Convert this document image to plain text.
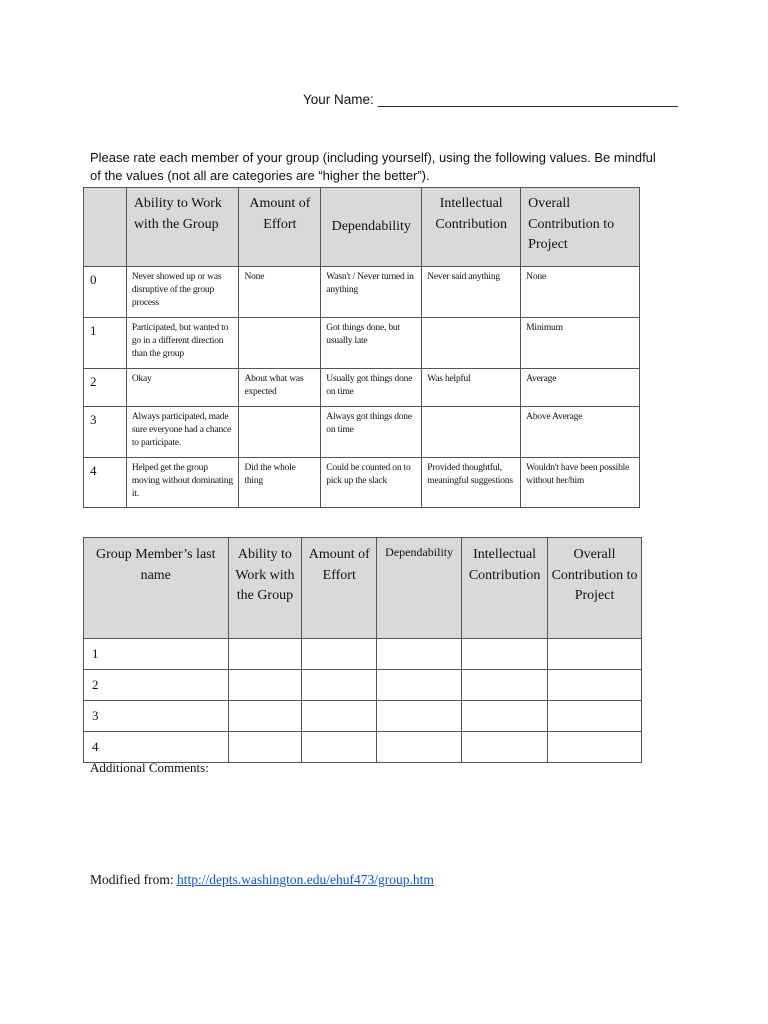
Your Name: ________________________________________
Please rate each member of your group (including yourself), using the following values. Be mindful of the values (not all are categories are “higher the better”).
	Ability to Work with the Group	Amount of Effort	Dependability	Intellectual Contribution	Overall Contribution to Project
0	Never showed up or was disruptive of the group process	None	Wasn't / Never turned in anything	Never said anything	None
1	Participated, but wanted to go in a different direction than the group		Got things done, but usually late		Minimum
2	Okay	About what was expected	Usually got things done on time	Was helpful	Average
3	Always participated, made sure everyone had a chance to participate.		Always got things done on time		Above Average
4	Helped get the group moving without dominating it.	Did the whole thing	Could be counted on to pick up the slack	Provided thoughtful, meaningful suggestions	Wouldn't have been possible without her/him
Group Member’s last name	Ability to Work with the Group	Amount of Effort	Dependability	Intellectual Contribution	Overall Contribution to Project
1					
2					
3					
4					
Additional Comments:
Modified from: http://depts.washington.edu/ehuf473/group.htm
